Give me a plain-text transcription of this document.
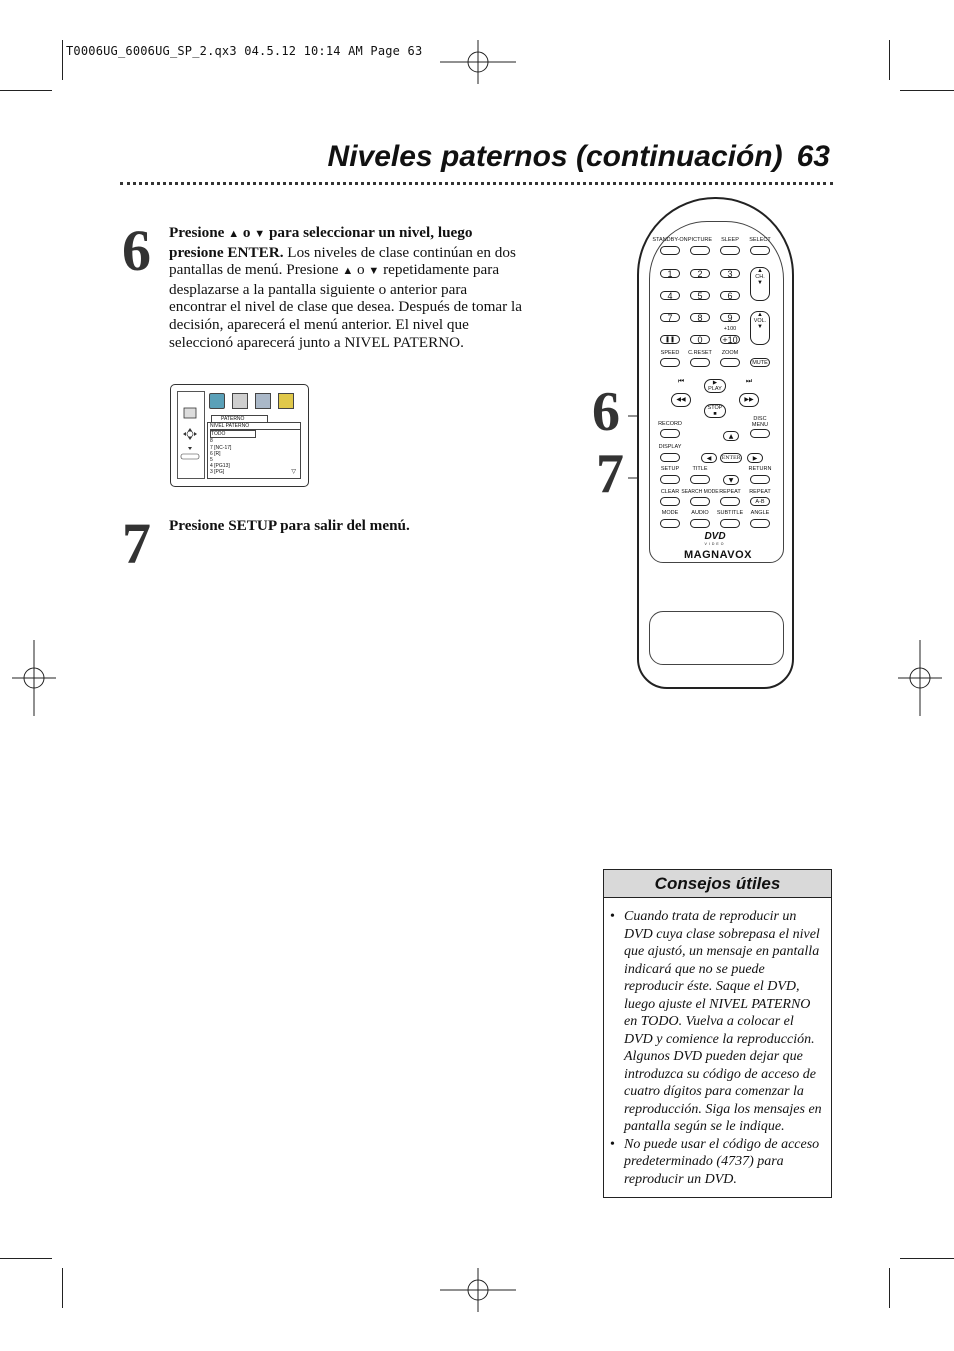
T0006UG_6006UG_SP_2.qx3 04.5.12 10:14 AM Page 63
Niveles paternos (continuación) 63
6 Presione ▲ o ▼ para seleccionar un nivel, luego presione ENTER. Los niveles de clase continúan en dos pantallas de menú. Presione ▲ o ▼ repetidamente para desplazarse a la pantalla siguiente o anterior para encontrar el nivel de clase que desea. Después de tomar la decisión, aparecerá el menú anterior. El nivel que seleccionó aparecerá junto a NIVEL PATERNO.
PATERNO
NIVEL PATERNO
TODO
8
7 [NC-17]
6 [R]
5
4 [PG13]
3 [PG]	▽
7 Presione SETUP para salir del menú.
6
7
STANDBY-ON PICTURE SLEEP SELECT
1	2	3
4	5	6
7	8	9
+100
❚❚	0	+10
▲
CH.
▼
▲
VOL.
▼
SPEED C.RESET ZOOM
MUTE
⏮	⏭
▶
PLAY
◀◀	▶▶
STOP
■
RECORD
DISC
MENU
▲
DISPLAY
◀	ENTER	▶
SETUP TITLE	RETURN
▼
CLEAR SEARCH MODE REPEAT REPEAT
A-B
MODE AUDIO SUBTITLE ANGLE
DVD
VIDEO
MAGNAVOX
Consejos útiles
• Cuando trata de reproducir un DVD cuya clase sobrepasa el nivel que ajustó, un mensaje en pantalla indicará que no se puede reproducir éste. Saque el DVD, luego ajuste el NIVEL PATERNO en TODO. Vuelva a colocar el DVD y comience la reproducción. Algunos DVD pueden dejar que introduzca su código de acceso de cuatro dígitos para comenzar la reproducción. Siga los mensajes en pantalla según se le indique.
• No puede usar el código de acceso predeterminado (4737) para reproducir un DVD.
